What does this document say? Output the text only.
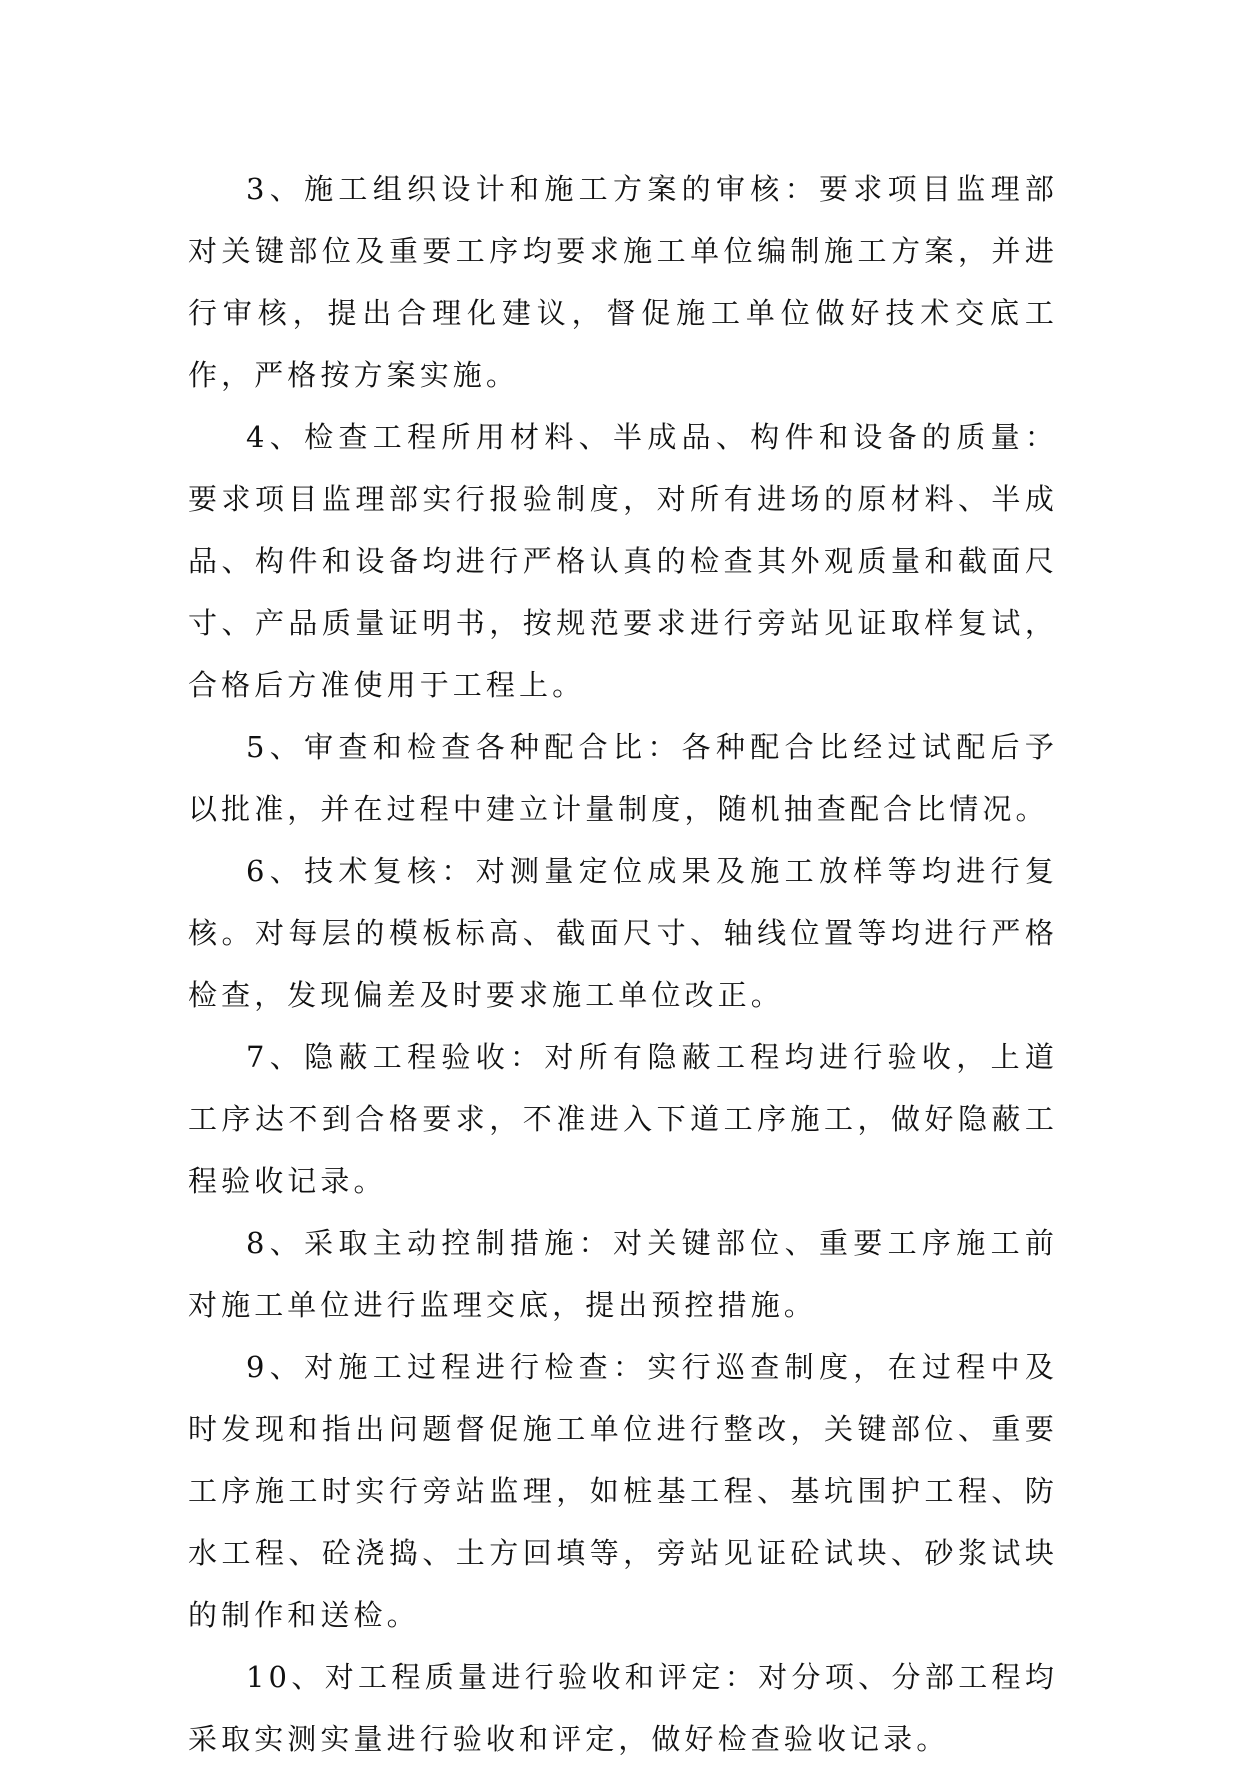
3、施工组织设计和施工方案的审核：要求项目监理部对关键部位及重要工序均要求施工单位编制施工方案，并进行审核，提出合理化建议，督促施工单位做好技术交底工作，严格按方案实施。

4、检查工程所用材料、半成品、构件和设备的质量：要求项目监理部实行报验制度，对所有进场的原材料、半成品、构件和设备均进行严格认真的检查其外观质量和截面尺寸、产品质量证明书，按规范要求进行旁站见证取样复试，合格后方准使用于工程上。

5、审查和检查各种配合比：各种配合比经过试配后予以批准，并在过程中建立计量制度，随机抽查配合比情况。

6、技术复核：对测量定位成果及施工放样等均进行复核。对每层的模板标高、截面尺寸、轴线位置等均进行严格检查，发现偏差及时要求施工单位改正。

7、隐蔽工程验收：对所有隐蔽工程均进行验收，上道工序达不到合格要求，不准进入下道工序施工，做好隐蔽工程验收记录。

8、采取主动控制措施：对关键部位、重要工序施工前对施工单位进行监理交底，提出预控措施。

9、对施工过程进行检查：实行巡查制度，在过程中及时发现和指出问题督促施工单位进行整改，关键部位、重要工序施工时实行旁站监理，如桩基工程、基坑围护工程、防水工程、砼浇捣、土方回填等，旁站见证砼试块、砂浆试块的制作和送检。

10、对工程质量进行验收和评定：对分项、分部工程均采取实测实量进行验收和评定，做好检查验收记录。
